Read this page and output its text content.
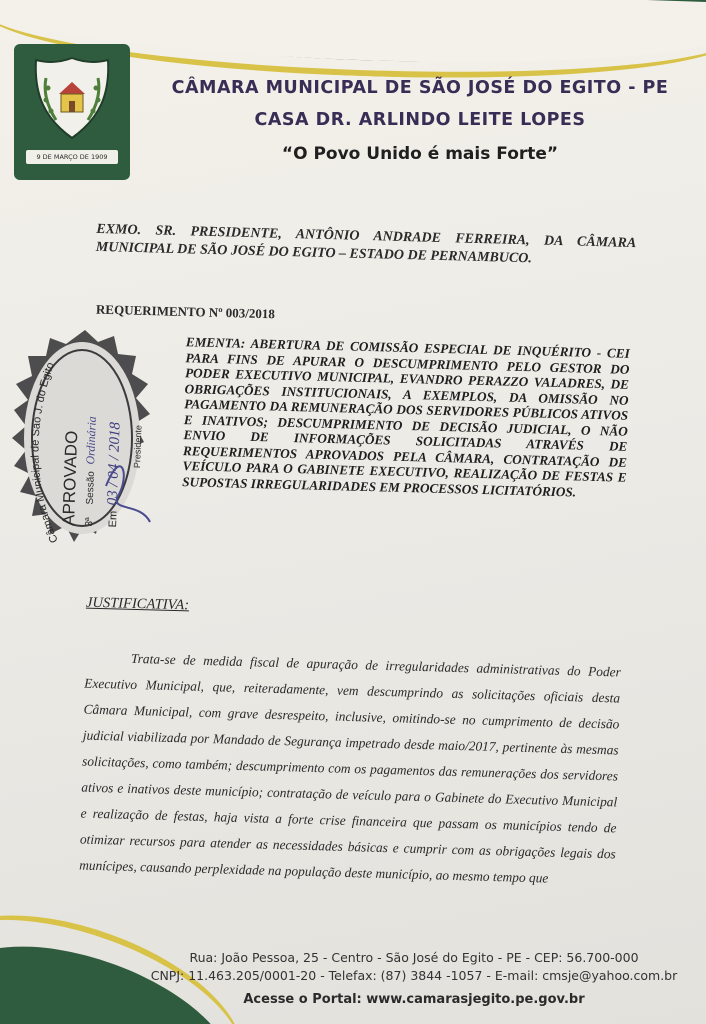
9 DE MARÇO DE 1909
CÂMARA MUNICIPAL DE SÃO JOSÉ DO EGITO - PE
CASA DR. ARLINDO LEITE LOPES
“O Povo Unido é mais Forte”
EXMO. SR. PRESIDENTE, ANTÔNIO ANDRADE FERREIRA, DA CÂMARA MUNICIPAL DE SÃO JOSÉ DO EGITO – ESTADO DE PERNAMBUCO.
REQUERIMENTO Nº 003/2018
Câmara Municipal de São J. do Egito
APROVADO 3ª
Sessão
Ordinária
Em
03 / 04 / 2018 Presidente
EMENTA: ABERTURA DE COMISSÃO ESPECIAL DE INQUÉRITO - CEI PARA FINS DE APURAR O DESCUMPRIMENTO PELO GESTOR DO PODER EXECUTIVO MUNICIPAL, EVANDRO PERAZZO VALADRES, DE OBRIGAÇÕES INSTITUCIONAIS, A EXEMPLOS, DA OMISSÃO NO PAGAMENTO DA REMUNERAÇÃO DOS SERVIDORES PÚBLICOS ATIVOS E INATIVOS; DESCUMPRIMENTO DE DECISÃO JUDICIAL, O NÃO ENVIO DE INFORMAÇÕES SOLICITADAS ATRAVÉS DE REQUERIMENTOS APROVADOS PELA CÂMARA, CONTRATAÇÃO DE VEÍCULO PARA O GABINETE EXECUTIVO, REALIZAÇÃO DE FESTAS E SUPOSTAS IRREGULARIDADES EM PROCESSOS LICITATÓRIOS.
JUSTIFICATIVA:
Trata-se de medida fiscal de apuração de irregularidades administrativas do Poder Executivo Municipal, que, reiteradamente, vem descumprindo as solicitações oficiais desta Câmara Municipal, com grave desrespeito, inclusive, omitindo-se no cumprimento de decisão judicial viabilizada por Mandado de Segurança impetrado desde maio/2017, pertinente às mesmas solicitações, como também; descumprimento com os pagamentos das remunerações dos servidores ativos e inativos deste município; contratação de veículo para o Gabinete do Executivo Municipal e realização de festas, haja vista a forte crise financeira que passam os municípios tendo de otimizar recursos para atender as necessidades básicas e cumprir com as obrigações legais dos munícipes, causando perplexidade na população deste município, ao mesmo tempo que
Rua: João Pessoa, 25 - Centro - São José do Egito - PE - CEP: 56.700-000
CNPJ: 11.463.205/0001-20 - Telefax: (87) 3844 -1057 - E-mail: cmsje@yahoo.com.br
Acesse o Portal: www.camarasjegito.pe.gov.br
